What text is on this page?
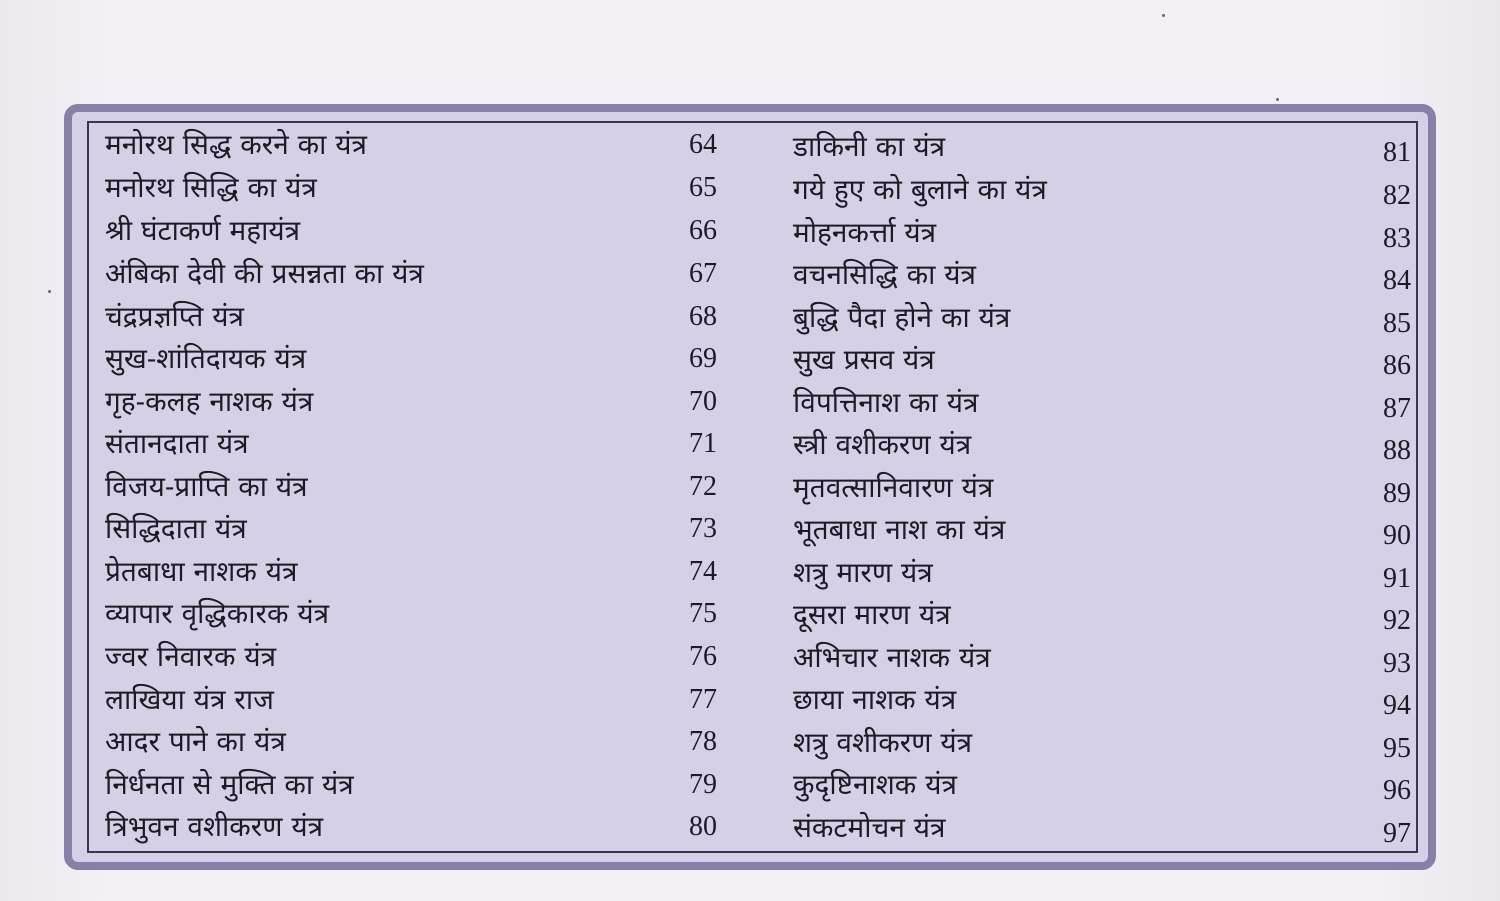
मनोरथ सिद्ध करने का यंत्र	64
मनोरथ सिद्धि का यंत्र	65
श्री घंटाकर्ण महायंत्र	66
अंबिका देवी की प्रसन्नता का यंत्र	67
चंद्रप्रज्ञप्ति यंत्र	68
सुख-शांतिदायक यंत्र	69
गृह-कलह नाशक यंत्र	70
संतानदाता यंत्र	71
विजय-प्राप्ति का यंत्र	72
सिद्धिदाता यंत्र	73
प्रेतबाधा नाशक यंत्र	74
व्यापार वृद्धिकारक यंत्र	75
ज्वर निवारक यंत्र	76
लाखिया यंत्र राज	77
आदर पाने का यंत्र	78
निर्धनता से मुक्ति का यंत्र	79
त्रिभुवन वशीकरण यंत्र	80
डाकिनी का यंत्र	81
गये हुए को बुलाने का यंत्र	82
मोहनकर्त्ता यंत्र	83
वचनसिद्धि का यंत्र	84
बुद्धि पैदा होने का यंत्र	85
सुख प्रसव यंत्र	86
विपत्तिनाश का यंत्र	87
स्त्री वशीकरण यंत्र	88
मृतवत्सानिवारण यंत्र	89
भूतबाधा नाश का यंत्र	90
शत्रु मारण यंत्र	91
दूसरा मारण यंत्र	92
अभिचार नाशक यंत्र	93
छाया नाशक यंत्र	94
शत्रु वशीकरण यंत्र	95
कुदृष्टिनाशक यंत्र	96
संकटमोचन यंत्र	97
